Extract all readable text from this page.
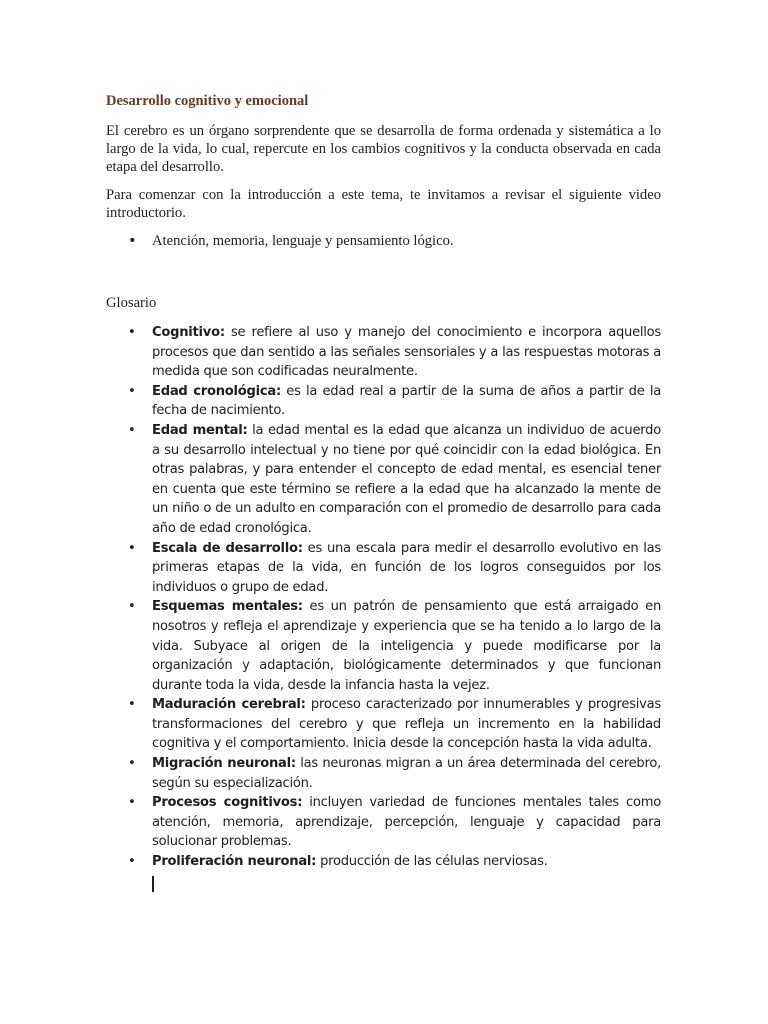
Desarrollo cognitivo y emocional

El cerebro es un órgano sorprendente que se desarrolla de forma ordenada y sistemática a lo largo de la vida, lo cual, repercute en los cambios cognitivos y la conducta observada en cada etapa del desarrollo.

Para comenzar con la introducción a este tema, te invitamos a revisar el siguiente video introductorio.

• Atención, memoria, lenguaje y pensamiento lógico.
Glosario
• Cognitivo: se refiere al uso y manejo del conocimiento e incorpora aquellos procesos que dan sentido a las señales sensoriales y a las respuestas motoras a medida que son codificadas neuralmente.
• Edad cronológica: es la edad real a partir de la suma de años a partir de la fecha de nacimiento.
• Edad mental: la edad mental es la edad que alcanza un individuo de acuerdo a su desarrollo intelectual y no tiene por qué coincidir con la edad biológica. En otras palabras, y para entender el concepto de edad mental, es esencial tener en cuenta que este término se refiere a la edad que ha alcanzado la mente de un niño o de un adulto en comparación con el promedio de desarrollo para cada año de edad cronológica.
• Escala de desarrollo: es una escala para medir el desarrollo evolutivo en las primeras etapas de la vida, en función de los logros conseguidos por los individuos o grupo de edad.
• Esquemas mentales: es un patrón de pensamiento que está arraigado en nosotros y refleja el aprendizaje y experiencia que se ha tenido a lo largo de la vida. Subyace al origen de la inteligencia y puede modificarse por la organización y adaptación, biológicamente determinados y que funcionan durante toda la vida, desde la infancia hasta la vejez.
• Maduración cerebral: proceso caracterizado por innumerables y progresivas transformaciones del cerebro y que refleja un incremento en la habilidad cognitiva y el comportamiento. Inicia desde la concepción hasta la vida adulta.
• Migración neuronal: las neuronas migran a un área determinada del cerebro, según su especialización.
• Procesos cognitivos: incluyen variedad de funciones mentales tales como atención, memoria, aprendizaje, percepción, lenguaje y capacidad para solucionar problemas.
• Proliferación neuronal: producción de las células nerviosas.
